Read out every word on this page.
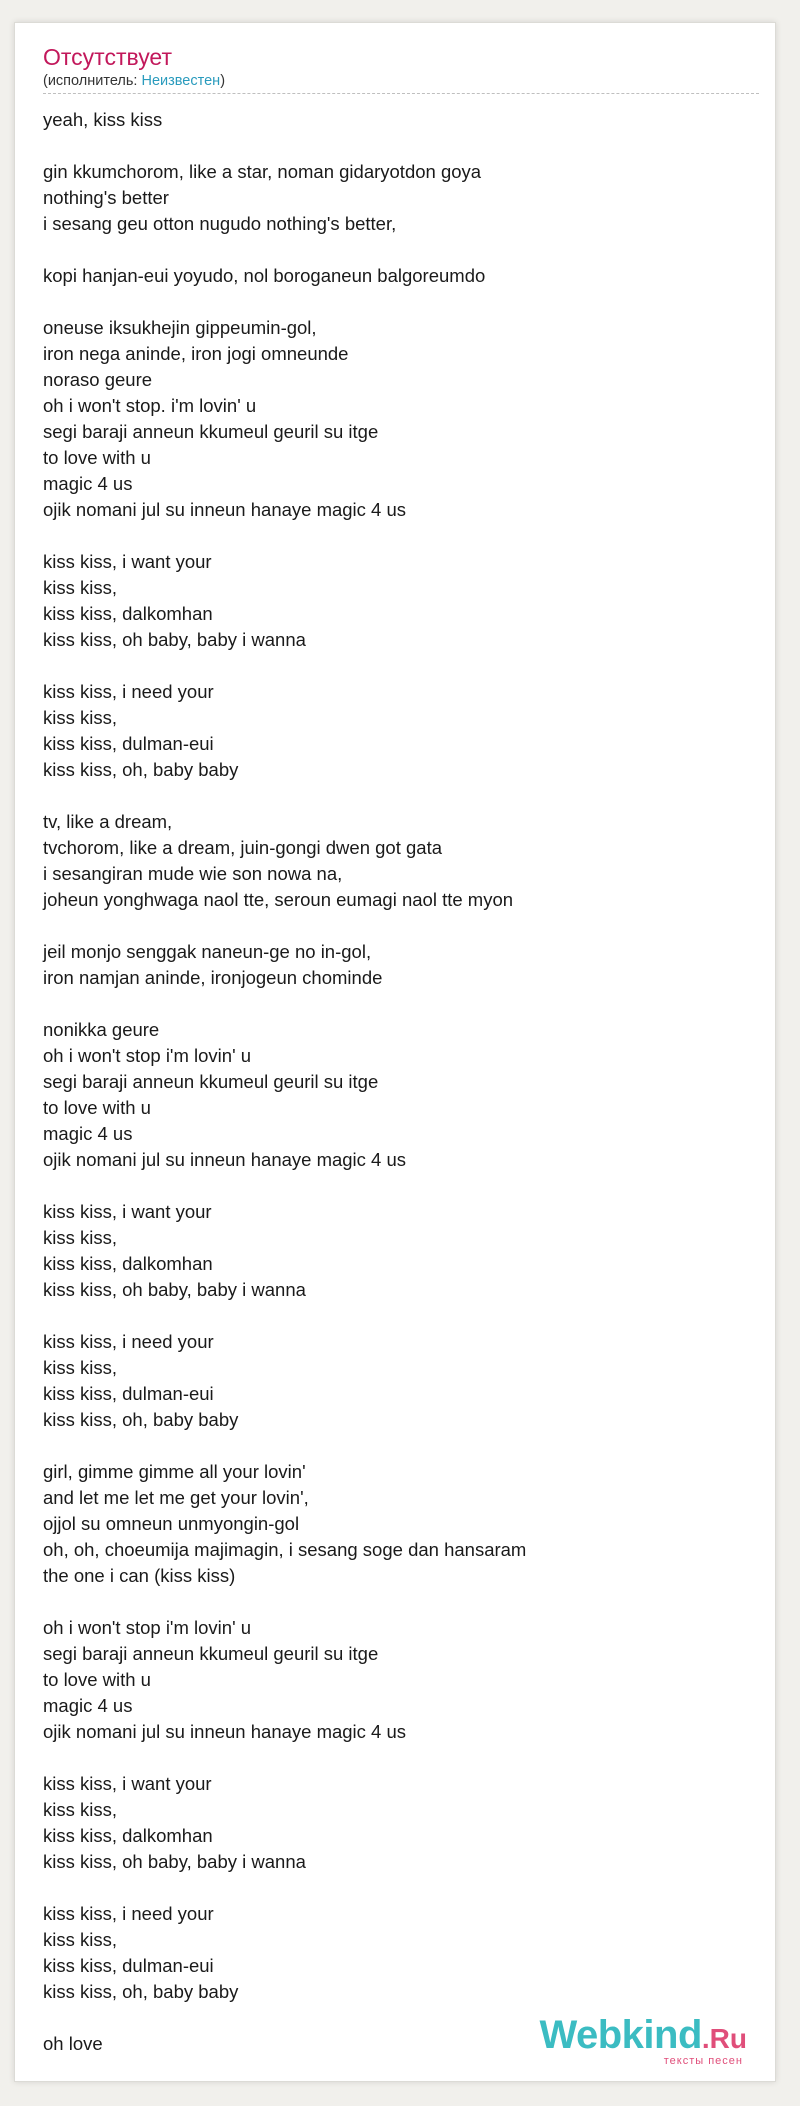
Отсутствует
(исполнитель: Неизвестен)
yeah, kiss kiss
gin kkumchorom, like a star, noman gidaryotdon goya
nothing's better
i sesang geu otton nugudo nothing's better,
kopi hanjan-eui yoyudo, nol boroganeun balgoreumdo
oneuse iksukhejin gippeumin-gol,
iron nega aninde, iron jogi omneunde
noraso geure
oh i won't stop. i'm lovin' u
segi baraji anneun kkumeul geuril su itge
to love with u
magic 4 us
ojik nomani jul su inneun hanaye magic 4 us
kiss kiss, i want your
kiss kiss,
kiss kiss, dalkomhan
kiss kiss, oh baby, baby i wanna
kiss kiss, i need your
kiss kiss,
kiss kiss, dulman-eui
kiss kiss, oh, baby baby
tv, like a dream,
tvchorom, like a dream, juin-gongi dwen got gata
i sesangiran mude wie son nowa na,
joheun yonghwaga naol tte, seroun eumagi naol tte myon
jeil monjo senggak naneun-ge no in-gol,
iron namjan aninde, ironjogeun chominde
nonikka geure
oh i won't stop i'm lovin' u
segi baraji anneun kkumeul geuril su itge
to love with u
magic 4 us
ojik nomani jul su inneun hanaye magic 4 us
kiss kiss, i want your
kiss kiss,
kiss kiss, dalkomhan
kiss kiss, oh baby, baby i wanna
kiss kiss, i need your
kiss kiss,
kiss kiss, dulman-eui
kiss kiss, oh, baby baby
girl, gimme gimme all your lovin'
and let me let me get your lovin',
ojjol su omneun unmyongin-gol
oh, oh, choeumija majimagin, i sesang soge dan hansaram
the one i can (kiss kiss)
oh i won't stop i'm lovin' u
segi baraji anneun kkumeul geuril su itge
to love with u
magic 4 us
ojik nomani jul su inneun hanaye magic 4 us
kiss kiss, i want your
kiss kiss,
kiss kiss, dalkomhan
kiss kiss, oh baby, baby i wanna
kiss kiss, i need your
kiss kiss,
kiss kiss, dulman-eui
kiss kiss, oh, baby baby
oh love	Webkind.Ru
тексты песен
